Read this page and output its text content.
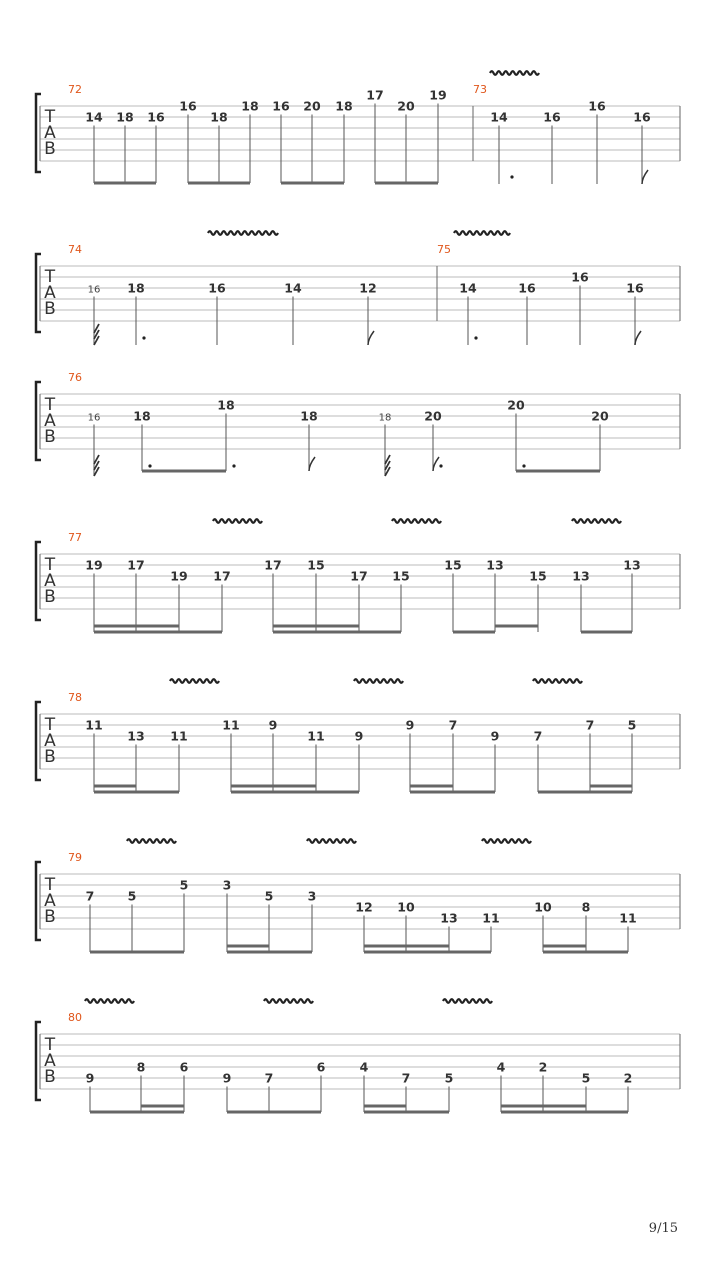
T
A
B
72
14 18 16
16
18
18 16 20 18
17
20
19 73
14	16
16
16
T
A
B
74
16 18	16	14	12
75
14	16
16
16
T
A
B
76
16	18
18
18	18	20
20
20
T
A
B
77
19 17
19 17
17 15
17 15
15 13
15 13
13
T
A
B
78
11
13 11
11 9
11 9
9	7
9	7
7	5
T
A
B
79
7	5
5	3
5	3
12 10
13 11
10 8
11
T
A
B
80
9
8	6
9	7
6	4
7	5
4	2
5	2
9/15
